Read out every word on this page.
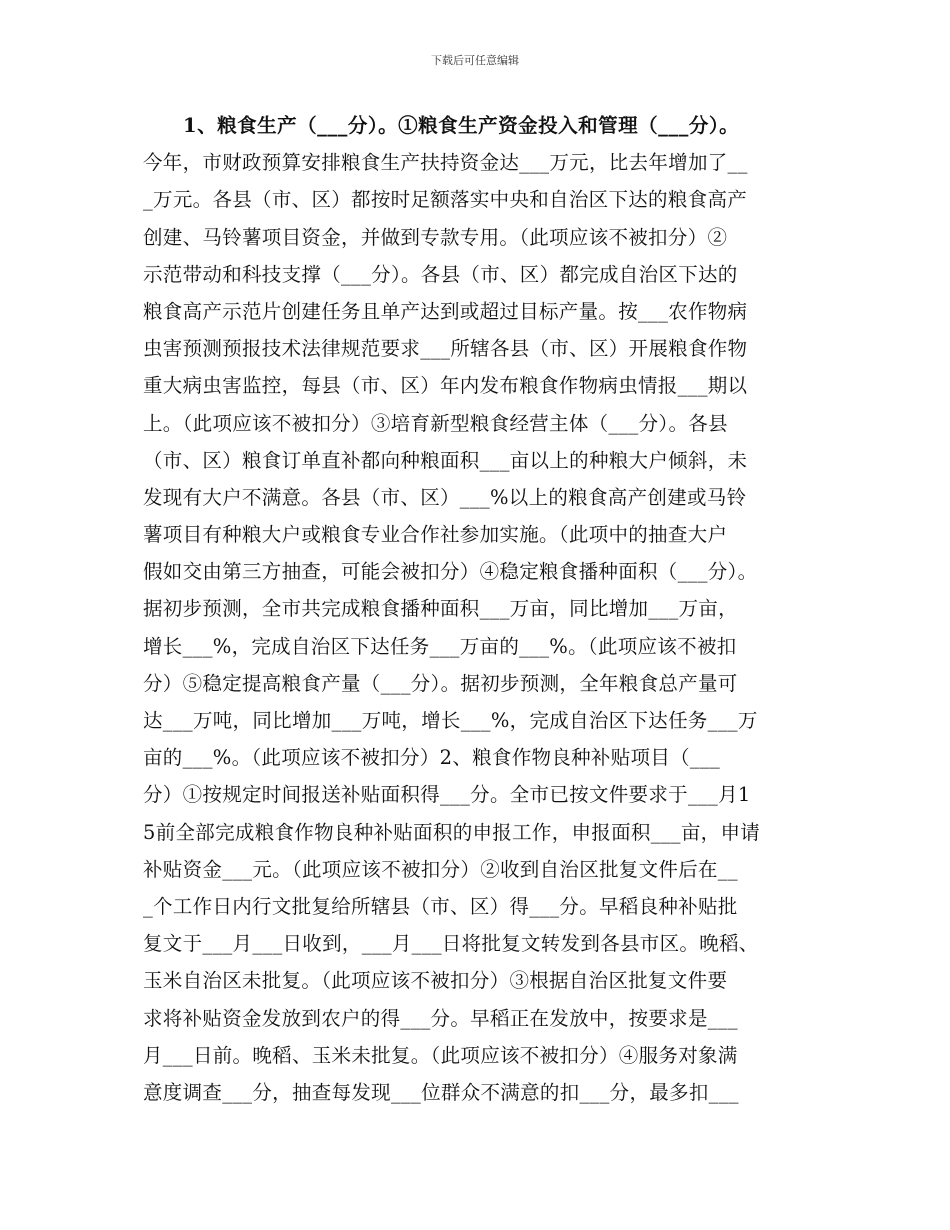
下载后可任意编辑
1、粮食生产（___分）。①粮食生产资金投入和管理（___分）。
今年，市财政预算安排粮食生产扶持资金达___万元，比去年增加了__
_万元。各县（市、区）都按时足额落实中央和自治区下达的粮食高产
创建、马铃薯项目资金，并做到专款专用。（此项应该不被扣分）②
示范带动和科技支撑（___分）。各县（市、区）都完成自治区下达的
粮食高产示范片创建任务且单产达到或超过目标产量。按___农作物病
虫害预测预报技术法律规范要求___所辖各县（市、区）开展粮食作物
重大病虫害监控，每县（市、区）年内发布粮食作物病虫情报___期以
上。（此项应该不被扣分）③培育新型粮食经营主体（___分）。各县
（市、区）粮食订单直补都向种粮面积___亩以上的种粮大户倾斜，未
发现有大户不满意。各县（市、区）___%以上的粮食高产创建或马铃
薯项目有种粮大户或粮食专业合作社参加实施。（此项中的抽查大户
假如交由第三方抽查，可能会被扣分）④稳定粮食播种面积（___分）。
据初步预测，全市共完成粮食播种面积___万亩，同比增加___万亩，
增长___%，完成自治区下达任务___万亩的___%。（此项应该不被扣
分）⑤稳定提高粮食产量（___分）。据初步预测，全年粮食总产量可
达___万吨，同比增加___万吨，增长___%，完成自治区下达任务___万
亩的___%。（此项应该不被扣分）2、粮食作物良种补贴项目（___
分）①按规定时间报送补贴面积得___分。全市已按文件要求于___月1
5前全部完成粮食作物良种补贴面积的申报工作，申报面积___亩，申请
补贴资金___元。（此项应该不被扣分）②收到自治区批复文件后在__
_个工作日内行文批复给所辖县（市、区）得___分。早稻良种补贴批
复文于___月___日收到，___月___日将批复文转发到各县市区。晚稻、
玉米自治区未批复。（此项应该不被扣分）③根据自治区批复文件要
求将补贴资金发放到农户的得___分。早稻正在发放中，按要求是___
月___日前。晚稻、玉米未批复。（此项应该不被扣分）④服务对象满
意度调查___分，抽查每发现___位群众不满意的扣___分，最多扣___
